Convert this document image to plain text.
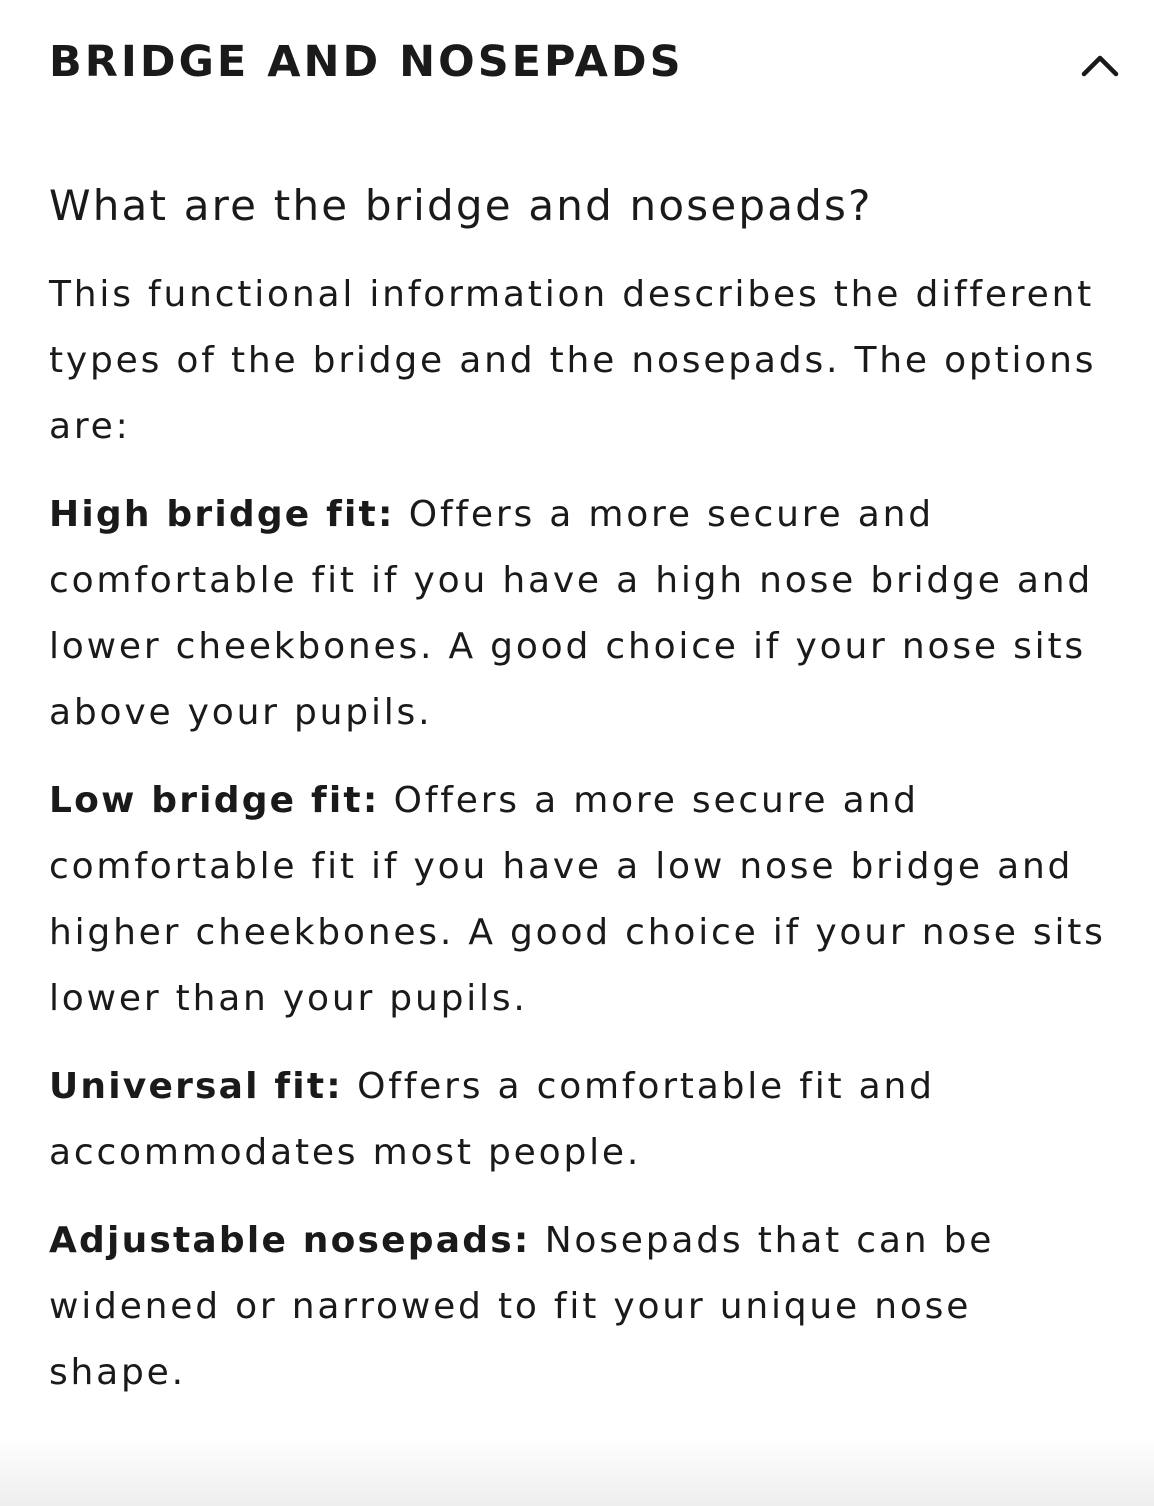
BRIDGE AND NOSEPADS
What are the bridge and nosepads?

This functional information describes the different types of the bridge and the nosepads. The options are:

High bridge fit: Offers a more secure and comfortable fit if you have a high nose bridge and lower cheekbones. A good choice if your nose sits above your pupils.

Low bridge fit: Offers a more secure and comfortable fit if you have a low nose bridge and higher cheekbones. A good choice if your nose sits lower than your pupils.

Universal fit: Offers a comfortable fit and accommodates most people.

Adjustable nosepads: Nosepads that can be widened or narrowed to fit your unique nose shape.
